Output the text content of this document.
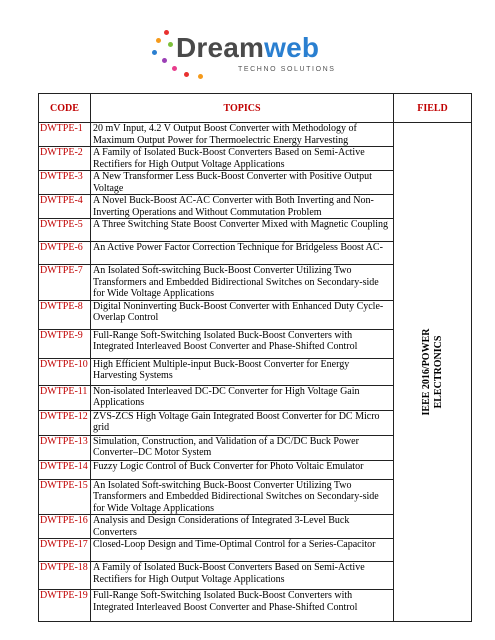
Dreamweb
TECHNO SOLUTIONS
CODE	TOPICS	FIELD
DWTPE-1	20 mV Input, 4.2 V Output Boost Converter with Methodology of Maximum Output Power for Thermoelectric Energy Harvesting	IEEE 2016/POWER ELECTRONICS

DWTPE-2	A Family of Isolated Buck-Boost Converters Based on Semi-Active Rectifiers for High Output Voltage Applications	

DWTPE-3	A New Transformer Less Buck-Boost Converter with Positive Output Voltage	

DWTPE-4	A Novel Buck-Boost AC-AC Converter with Both Inverting and Non-Inverting Operations and Without Commutation Problem	

DWTPE-5	A Three Switching State Boost Converter Mixed with Magnetic Coupling	

DWTPE-6	An Active Power Factor Correction Technique for Bridgeless Boost AC-	

DWTPE-7	An Isolated Soft-switching Buck-Boost Converter Utilizing Two Transformers and Embedded Bidirectional Switches on Secondary-side for Wide Voltage Applications	

DWTPE-8	Digital Noninverting Buck-Boost Converter with Enhanced Duty Cycle-Overlap Control	

DWTPE-9	Full-Range Soft-Switching Isolated Buck-Boost Converters with Integrated Interleaved Boost Converter and Phase-Shifted Control	

DWTPE-10	High Efficient Multiple-input Buck-Boost Converter for Energy Harvesting Systems	

DWTPE-11	Non-isolated Interleaved DC-DC Converter for High Voltage Gain Applications	

DWTPE-12	ZVS-ZCS High Voltage Gain Integrated Boost Converter for DC Micro grid	

DWTPE-13	Simulation, Construction, and Validation of a DC/DC Buck Power Converter–DC Motor System	

DWTPE-14	Fuzzy Logic Control of Buck Converter for Photo Voltaic Emulator	

DWTPE-15	An Isolated Soft-switching Buck-Boost Converter Utilizing Two Transformers and Embedded Bidirectional Switches on Secondary-side for Wide Voltage Applications	

DWTPE-16	Analysis and Design Considerations of Integrated 3-Level Buck Converters	

DWTPE-17	Closed-Loop Design and Time-Optimal Control for a Series-Capacitor	

DWTPE-18	A Family of Isolated Buck-Boost Converters Based on Semi-Active Rectifiers for High Output Voltage Applications	

DWTPE-19	Full-Range Soft-Switching Isolated Buck-Boost Converters with Integrated Interleaved Boost Converter and Phase-Shifted Control	
